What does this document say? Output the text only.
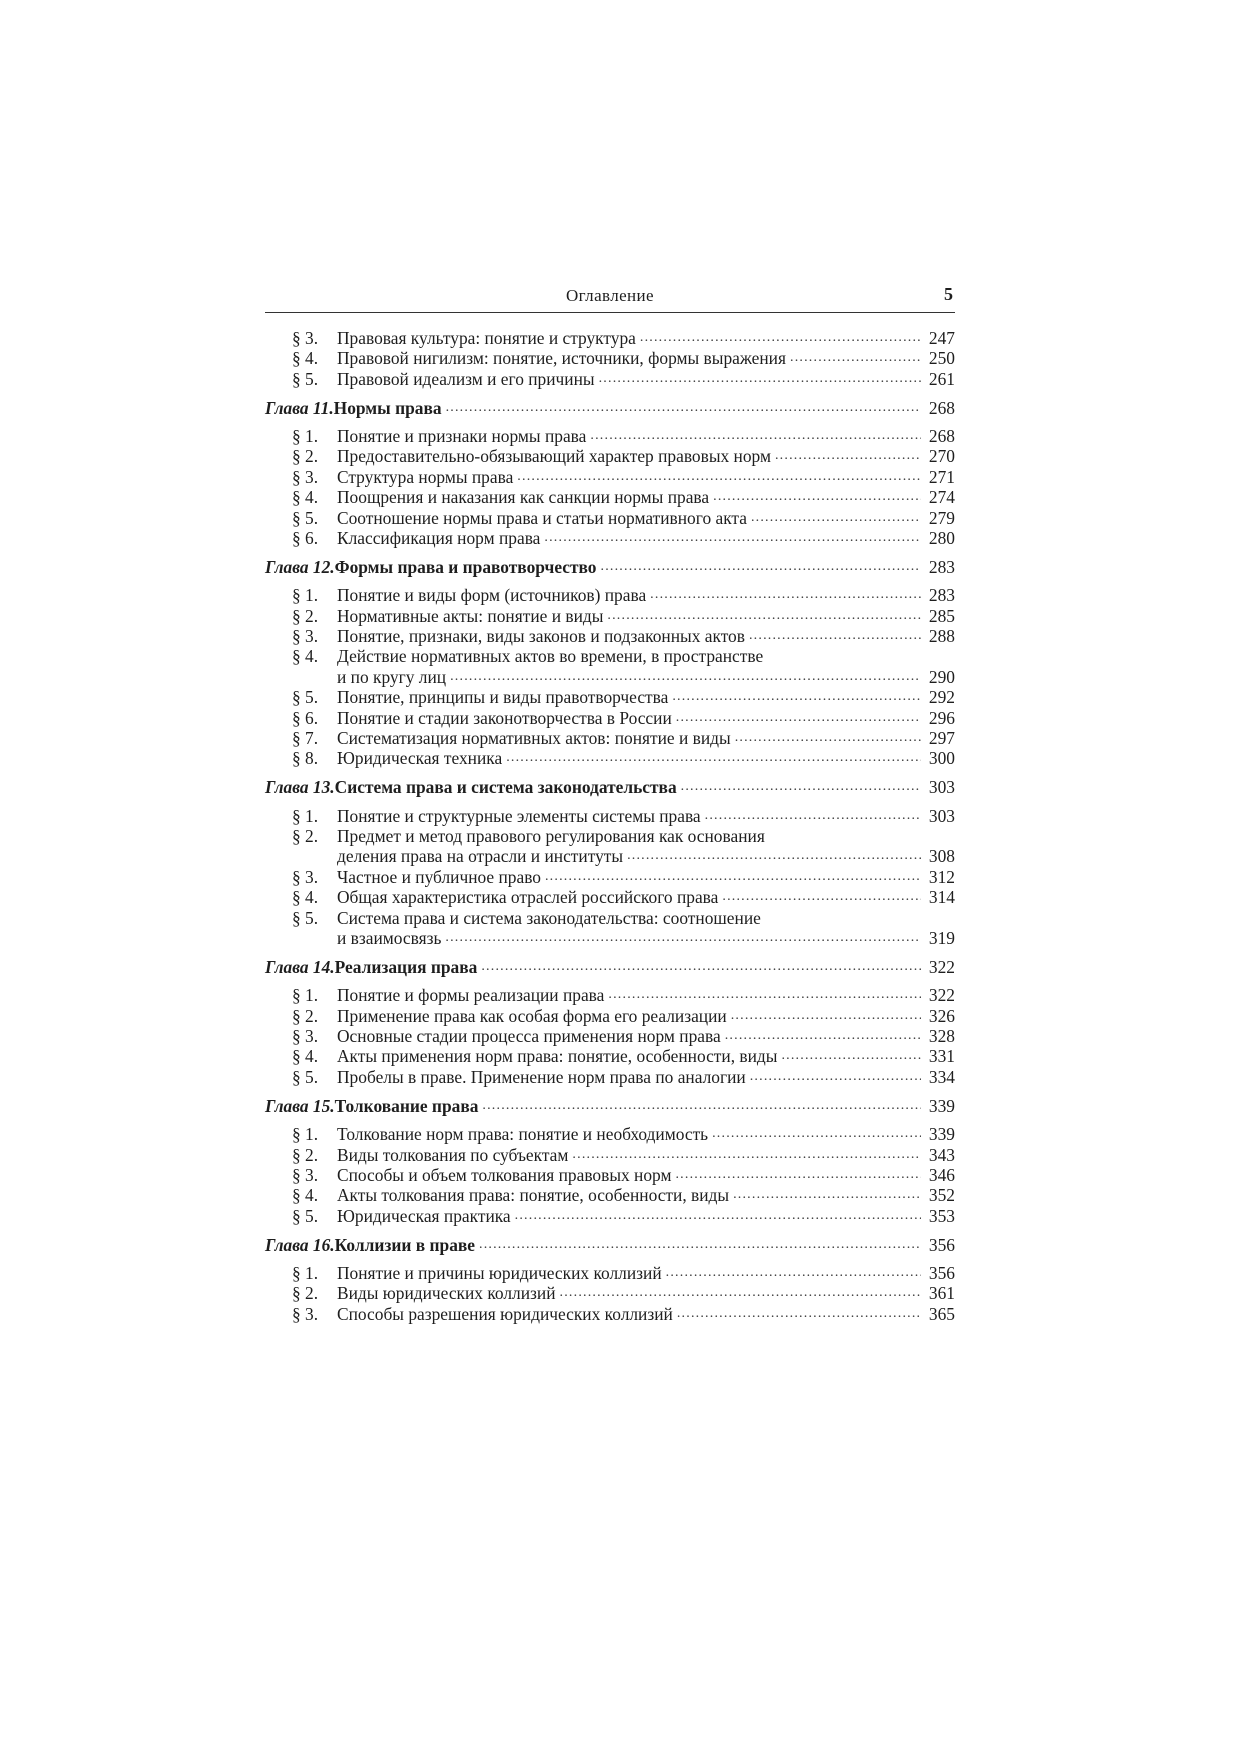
Оглавление	5
§ 3.	Правовая культура: понятие и структура .....	247
§ 4.	Правовой нигилизм: понятие, источники, формы выражения .....	250
§ 5.	Правовой идеализм и его причины .....	261
Глава 11. Нормы права .....	268
§ 1.	Понятие и признаки нормы права .....	268
§ 2.	Предоставительно-обязывающий характер правовых норм .....	270
§ 3.	Структура нормы права .....	271
§ 4.	Поощрения и наказания как санкции нормы права .....	274
§ 5.	Соотношение нормы права и статьи нормативного акта .....	279
§ 6.	Классификация норм права .....	280
Глава 12. Формы права и правотворчество .....	283
§ 1.	Понятие и виды форм (источников) права .....	283
§ 2.	Нормативные акты: понятие и виды .....	285
§ 3.	Понятие, признаки, виды законов и подзаконных актов .....	288
§ 4.	Действие нормативных актов во времени, в пространстве
и по кругу лиц .....	290
§ 5.	Понятие, принципы и виды правотворчества .....	292
§ 6.	Понятие и стадии законотворчества в России .....	296
§ 7.	Систематизация нормативных актов: понятие и виды .....	297
§ 8.	Юридическая техника .....	300
Глава 13. Система права и система законодательства .....	303
§ 1.	Понятие и структурные элементы системы права .....	303
§ 2.	Предмет и метод правового регулирования как основания
деления права на отрасли и институты .....	308
§ 3.	Частное и публичное право .....	312
§ 4.	Общая характеристика отраслей российского права .....	314
§ 5.	Система права и система законодательства: соотношение
и взаимосвязь .....	319
Глава 14. Реализация права .....	322
§ 1.	Понятие и формы реализации права .....	322
§ 2.	Применение права как особая форма его реализации .....	326
§ 3.	Основные стадии процесса применения норм права .....	328
§ 4.	Акты применения норм права: понятие, особенности, виды .....	331
§ 5.	Пробелы в праве. Применение норм права по аналогии .....	334
Глава 15. Толкование права .....	339
§ 1.	Толкование норм права: понятие и необходимость .....	339
§ 2.	Виды толкования по субъектам .....	343
§ 3.	Способы и объем толкования правовых норм .....	346
§ 4.	Акты толкования права: понятие, особенности, виды .....	352
§ 5.	Юридическая практика .....	353
Глава 16. Коллизии в праве .....	356
§ 1.	Понятие и причины юридических коллизий .....	356
§ 2.	Виды юридических коллизий .....	361
§ 3.	Способы разрешения юридических коллизий .....	365
